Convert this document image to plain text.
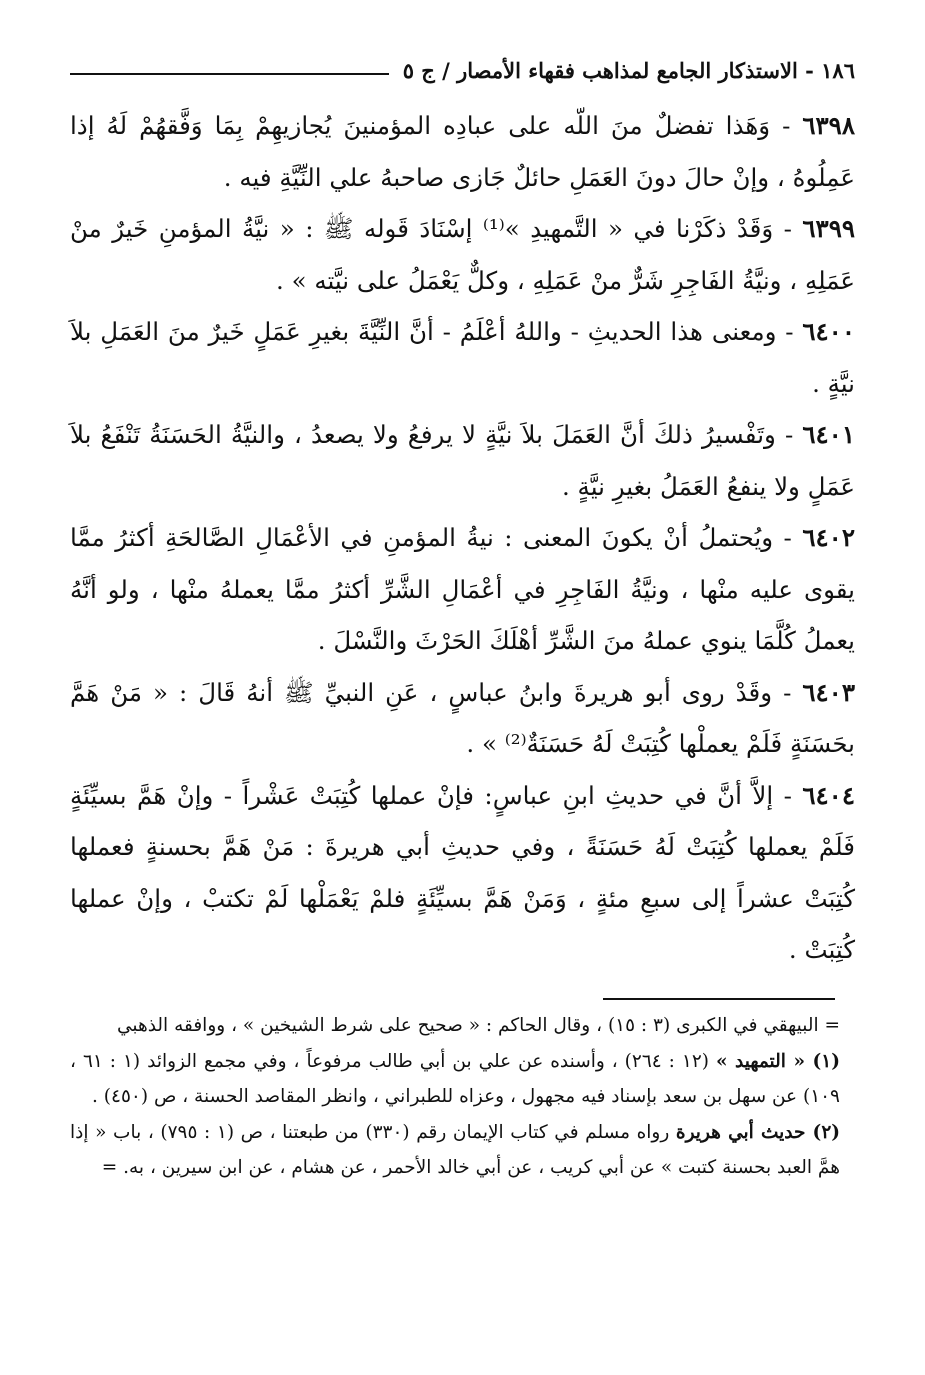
١٨٦ - الاستذكار الجامع لمذاهب فقهاء الأمصار / ج ٥

٦٣٩٨ - وَهَذا تفضلٌ منَ اللّه على عبادِه المؤمنينَ يُجازيهِمْ بِمَا وَفَّقهُمْ لَهُ إذا عَمِلُوهُ ، وإنْ حالَ دونَ العَمَلِ حائلٌ جَازى صاحبهُ علي النِّيَّةِ فيه .

٦٣٩٩ - وَقَدْ ذكَرْنا في « التَّمهيدِ »⁽¹⁾ إسْنَادَ قَوله ﷺ : « نيَّةُ المؤمنِ خَيرٌ منْ عَمَلِهِ ، ونيَّةُ الفَاجِرِ شَرٌّ منْ عَمَلِهِ ، وكلٌّ يَعْمَلُ على نيَّته » .

٦٤٠٠ - ومعنى هذا الحديثِ - واللهُ أعْلَمُ - أنَّ النِّيَّةَ بغيرِ عَمَلٍ خَيرٌ منَ العَمَلِ بلاَ نيَّةٍ .

٦٤٠١ - وتَفْسيرُ ذلكَ أنَّ العَمَلَ بلاَ نيَّةٍ لا يرفعُ ولا يصعدُ ، والنيَّةُ الحَسَنَةُ تَنْفَعُ بلاَ عَمَلٍ ولا ينفعُ العَمَلُ بغيرِ نيَّةٍ .

٦٤٠٢ - ويُحتملُ أنْ يكونَ المعنى : نيةُ المؤمنِ في الأعْمَالِ الصَّالحَةِ أكثرُ ممَّا يقوى عليه منْها ، ونيَّةُ الفَاجِرِ في أعْمَالِ الشَّرِّ أكثرُ ممَّا يعملهُ منْها ، ولو أنَّهُ يعملُ كُلَّمَا ينوي عملهُ منَ الشَّرِّ أهْلَكَ الحَرْثَ والنَّسْلَ .

٦٤٠٣ - وقَدْ روى أبو هريرةَ وابنُ عباسٍ ، عَنِ النبيِّ ﷺ أنهُ قَالَ : « مَنْ هَمَّ بحَسَنَةٍ فَلَمْ يعملْها كُتِبَتْ لَهُ حَسَنَةٌ⁽²⁾ » .

٦٤٠٤ - إلاَّ أنَّ في حديثِ ابنِ عباسٍ: فإنْ عملها كُتِبَتْ عَشْراً - وإنْ هَمَّ بسيِّئَةٍ فَلَمْ يعملها كُتِبَتْ لَهُ حَسَنَةً ، وفي حديثِ أبي هريرةَ : مَنْ هَمَّ بحسنةٍ فعملها كُتِبَتْ عشراً إلى سبعِ مئةٍ ، وَمَنْ هَمَّ بسيِّئَةٍ فلمْ يَعْمَلْها لَمْ تكتبْ ، وإنْ عملها كُتِبَتْ .

= البيهقي في الكبرى (٣ : ١٥) ، وقال الحاكم : « صحيح على شرط الشيخين » ، ووافقه الذهبي

(١) « التمهيد » (١٢ : ٢٦٤) ، وأسنده عن علي بن أبي طالب مرفوعاً ، وفي مجمع الزوائد (١ : ٦١ ، ١٠٩) عن سهل بن سعد بإسناد فيه مجهول ، وعزاه للطبراني ، وانظر المقاصد الحسنة ، ص (٤٥٠) .

(٢) حديث أبي هريرة رواه مسلم في كتاب الإيمان رقم (٣٣٠) من طبعتنا ، ص (١ : ٧٩٥) ، باب « إذا همَّ العبد بحسنة كتبت » عن أبي كريب ، عن أبي خالد الأحمر ، عن هشام ، عن ابن سيرين ، به. =
